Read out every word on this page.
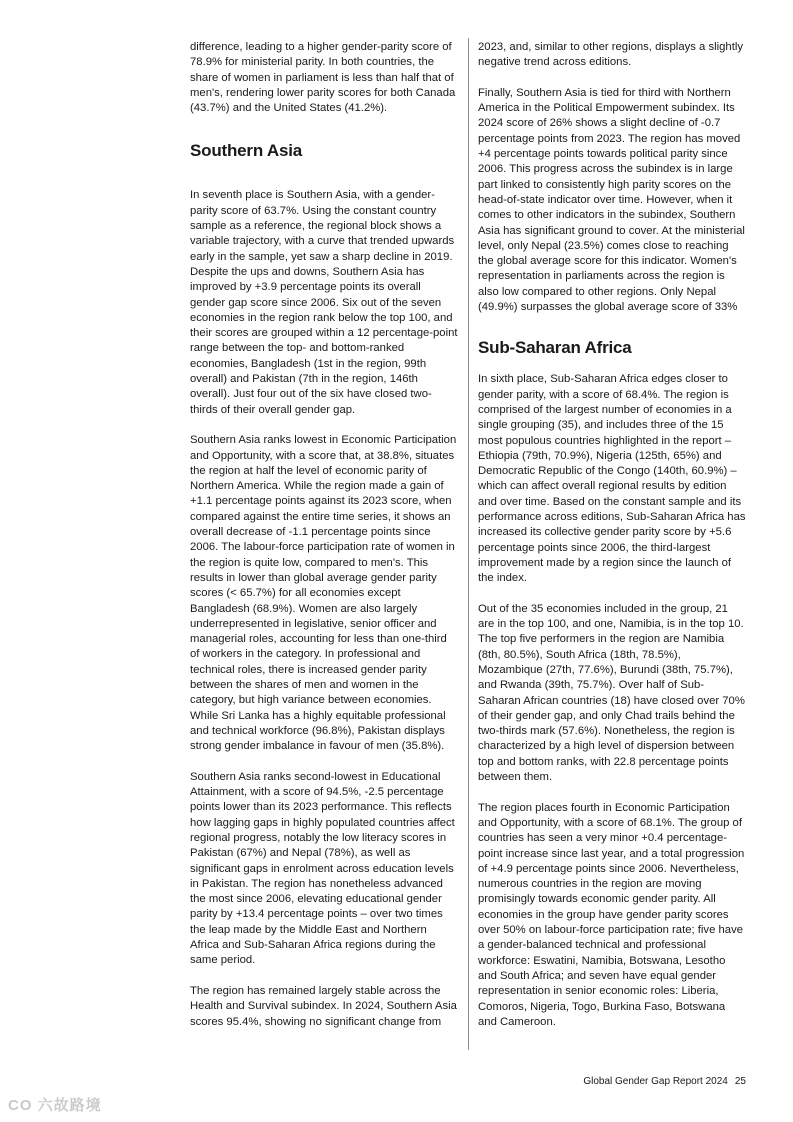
difference, leading to a higher gender-parity score of 78.9% for ministerial parity. In both countries, the share of women in parliament is less than half that of men's, rendering lower parity scores for both Canada (43.7%) and the United States (41.2%).

Southern Asia

In seventh place is Southern Asia, with a gender-parity score of 63.7%. Using the constant country sample as a reference, the regional block shows a variable trajectory, with a curve that trended upwards early in the sample, yet saw a sharp decline in 2019. Despite the ups and downs, Southern Asia has improved by +3.9 percentage points its overall gender gap score since 2006. Six out of the seven economies in the region rank below the top 100, and their scores are grouped within a 12 percentage-point range between the top- and bottom-ranked economies, Bangladesh (1st in the region, 99th overall) and Pakistan (7th in the region, 146th overall). Just four out of the six have closed two-thirds of their overall gender gap.

Southern Asia ranks lowest in Economic Participation and Opportunity, with a score that, at 38.8%, situates the region at half the level of economic parity of Northern America. While the region made a gain of +1.1 percentage points against its 2023 score, when compared against the entire time series, it shows an overall decrease of -1.1 percentage points since 2006. The labour-force participation rate of women in the region is quite low, compared to men's. This results in lower than global average gender parity scores (< 65.7%) for all economies except Bangladesh (68.9%). Women are also largely underrepresented in legislative, senior officer and managerial roles, accounting for less than one-third of workers in the category. In professional and technical roles, there is increased gender parity between the shares of men and women in the category, but high variance between economies. While Sri Lanka has a highly equitable professional and technical workforce (96.8%), Pakistan displays strong gender imbalance in favour of men (35.8%).

Southern Asia ranks second-lowest in Educational Attainment, with a score of 94.5%, -2.5 percentage points lower than its 2023 performance. This reflects how lagging gaps in highly populated countries affect regional progress, notably the low literacy scores in Pakistan (67%) and Nepal (78%), as well as significant gaps in enrolment across education levels in Pakistan. The region has nonetheless advanced the most since 2006, elevating educational gender parity by +13.4 percentage points – over two times the leap made by the Middle East and Northern Africa and Sub-Saharan Africa regions during the same period.

The region has remained largely stable across the Health and Survival subindex. In 2024, Southern Asia scores 95.4%, showing no significant change from

2023, and, similar to other regions, displays a slightly negative trend across editions.

Finally, Southern Asia is tied for third with Northern America in the Political Empowerment subindex. Its 2024 score of 26% shows a slight decline of -0.7 percentage points from 2023. The region has moved +4 percentage points towards political parity since 2006. This progress across the subindex is in large part linked to consistently high parity scores on the head-of-state indicator over time. However, when it comes to other indicators in the subindex, Southern Asia has significant ground to cover. At the ministerial level, only Nepal (23.5%) comes close to reaching the global average score for this indicator. Women's representation in parliaments across the region is also low compared to other regions. Only Nepal (49.9%) surpasses the global average score of 33%

Sub-Saharan Africa

In sixth place, Sub-Saharan Africa edges closer to gender parity, with a score of 68.4%. The region is comprised of the largest number of economies in a single grouping (35), and includes three of the 15 most populous countries highlighted in the report – Ethiopia (79th, 70.9%), Nigeria (125th, 65%) and Democratic Republic of the Congo (140th, 60.9%) – which can affect overall regional results by edition and over time. Based on the constant sample and its performance across editions, Sub-Saharan Africa has increased its collective gender parity score by +5.6 percentage points since 2006, the third-largest improvement made by a region since the launch of the index.

Out of the 35 economies included in the group, 21 are in the top 100, and one, Namibia, is in the top 10. The top five performers in the region are Namibia (8th, 80.5%), South Africa (18th, 78.5%), Mozambique (27th, 77.6%), Burundi (38th, 75.7%), and Rwanda (39th, 75.7%). Over half of Sub-Saharan African countries (18) have closed over 70% of their gender gap, and only Chad trails behind the two-thirds mark (57.6%). Nonetheless, the region is characterized by a high level of dispersion between top and bottom ranks, with 22.8 percentage points between them.

The region places fourth in Economic Participation and Opportunity, with a score of 68.1%. The group of countries has seen a very minor +0.4 percentage-point increase since last year, and a total progression of +4.9 percentage points since 2006. Nevertheless, numerous countries in the region are moving promisingly towards economic gender parity. All economies in the group have gender parity scores over 50% on labour-force participation rate; five have a gender-balanced technical and professional workforce: Eswatini, Namibia, Botswana, Lesotho and South Africa; and seven have equal gender representation in senior economic roles: Liberia, Comoros, Nigeria, Togo, Burkina Faso, Botswana and Cameroon.

Global Gender Gap Report 2024 25
CO 六故路境
